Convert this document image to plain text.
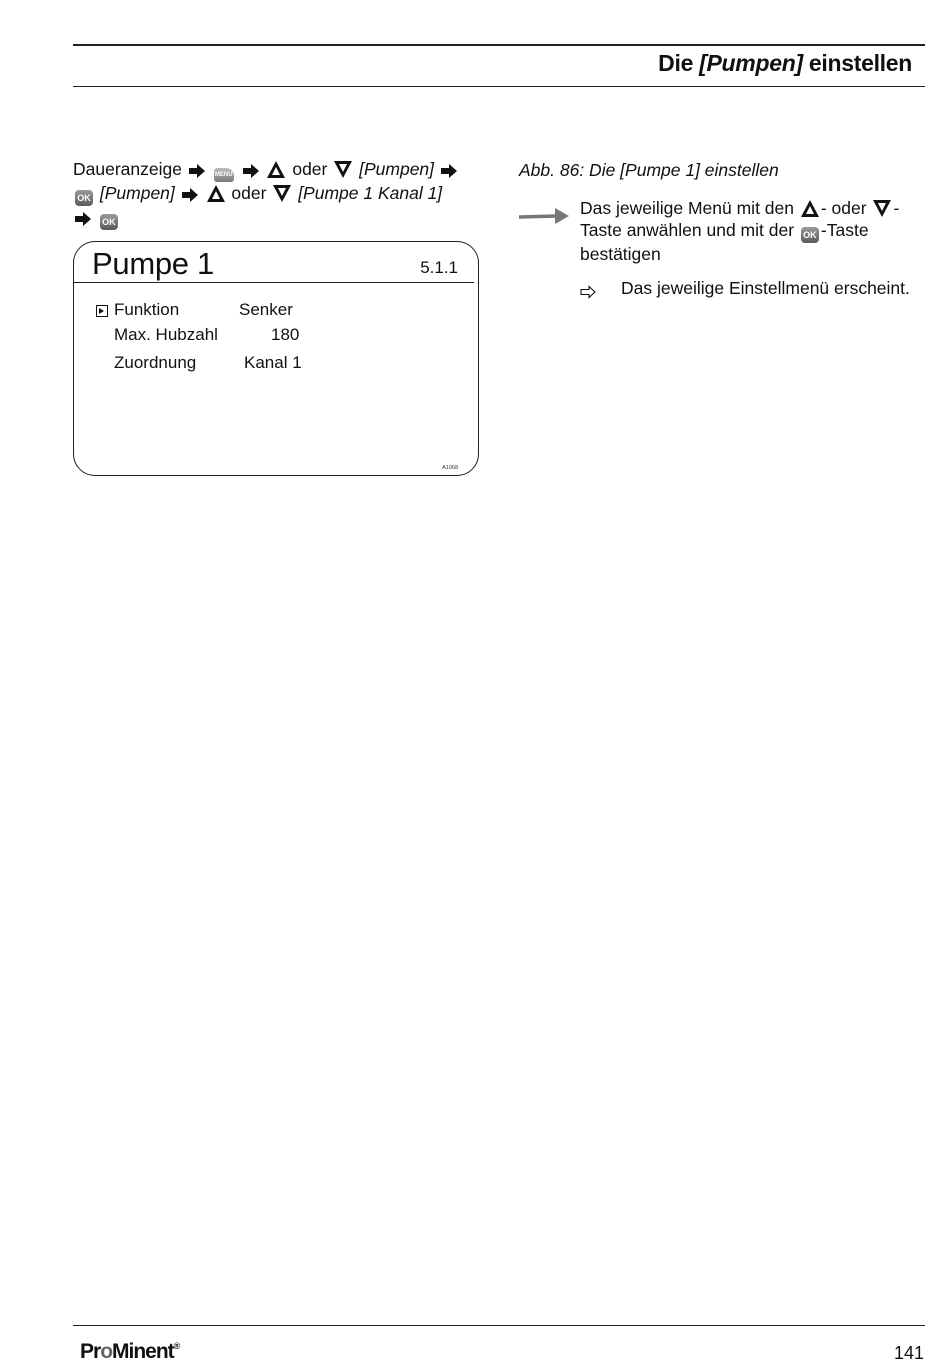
Die [Pumpen] einstellen
Daueranzeige	MENU	oder [Pumpen]
OK [Pumpen]	oder [Pumpe 1 Kanal 1]
OK
Pumpe 1	5.1.1
Funktion	Senker
Max. Hubzahl	180
Zuordnung	Kanal 1
A1068
Abb. 86: Die [Pumpe 1] einstellen
Das jeweilige Menü mit den - oder - Taste anwählen und mit der OK -Taste bestätigen
Das jeweilige Einstellmenü erscheint.
ProMinent®	141
